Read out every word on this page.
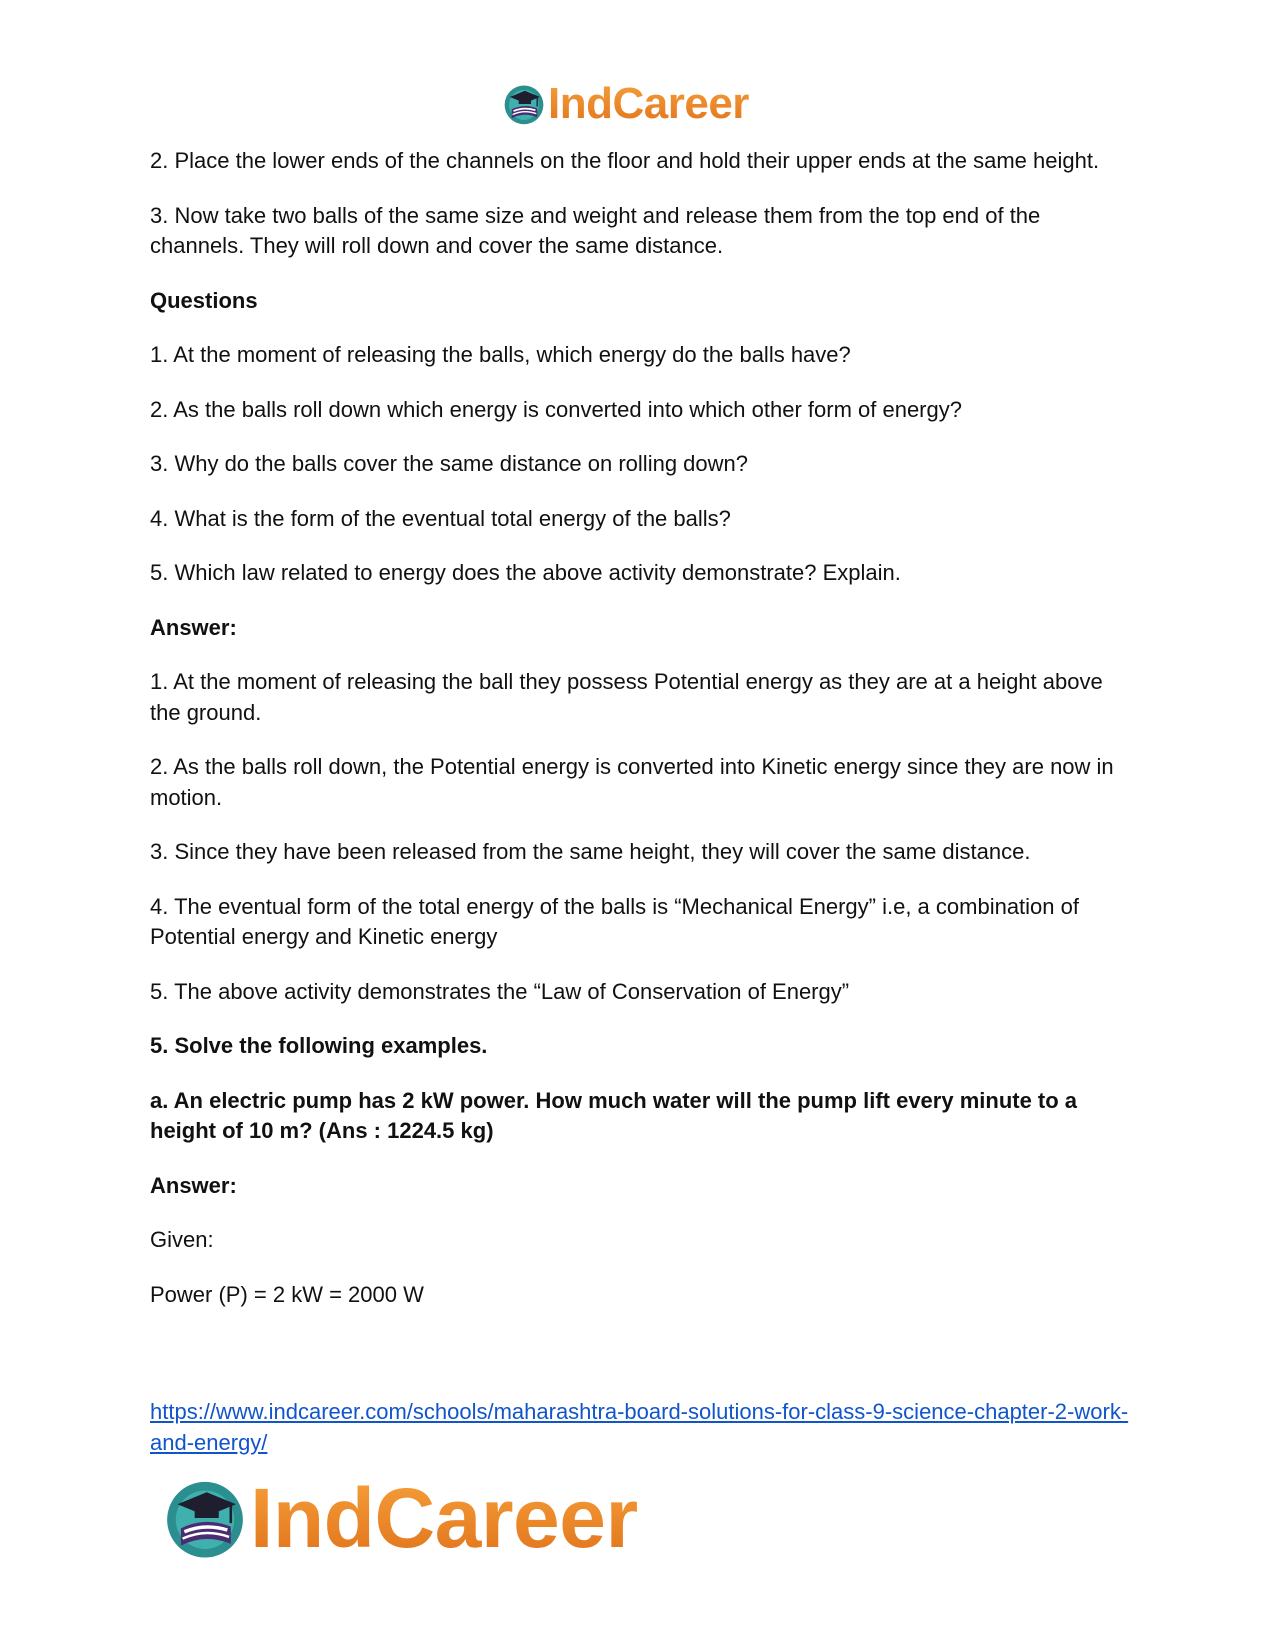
IndCareer

2. Place the lower ends of the channels on the floor and hold their upper ends at the same height.

3. Now take two balls of the same size and weight and release them from the top end of the channels. They will roll down and cover the same distance.

Questions

1. At the moment of releasing the balls, which energy do the balls have?

2. As the balls roll down which energy is converted into which other form of energy?

3. Why do the balls cover the same distance on rolling down?

4. What is the form of the eventual total energy of the balls?

5. Which law related to energy does the above activity demonstrate? Explain.

Answer:

1. At the moment of releasing the ball they possess Potential energy as they are at a height above the ground.

2. As the balls roll down, the Potential energy is converted into Kinetic energy since they are now in motion.

3. Since they have been released from the same height, they will cover the same distance.

4. The eventual form of the total energy of the balls is “Mechanical Energy” i.e, a combination of Potential energy and Kinetic energy

5. The above activity demonstrates the “Law of Conservation of Energy”

5. Solve the following examples.

a. An electric pump has 2 kW power. How much water will the pump lift every minute to a height of 10 m? (Ans : 1224.5 kg)

Answer:

Given:

Power (P) = 2 kW = 2000 W

https://www.indcareer.com/schools/maharashtra-board-solutions-for-class-9-science-chapter-2-work-and-energy/
IndCareer
